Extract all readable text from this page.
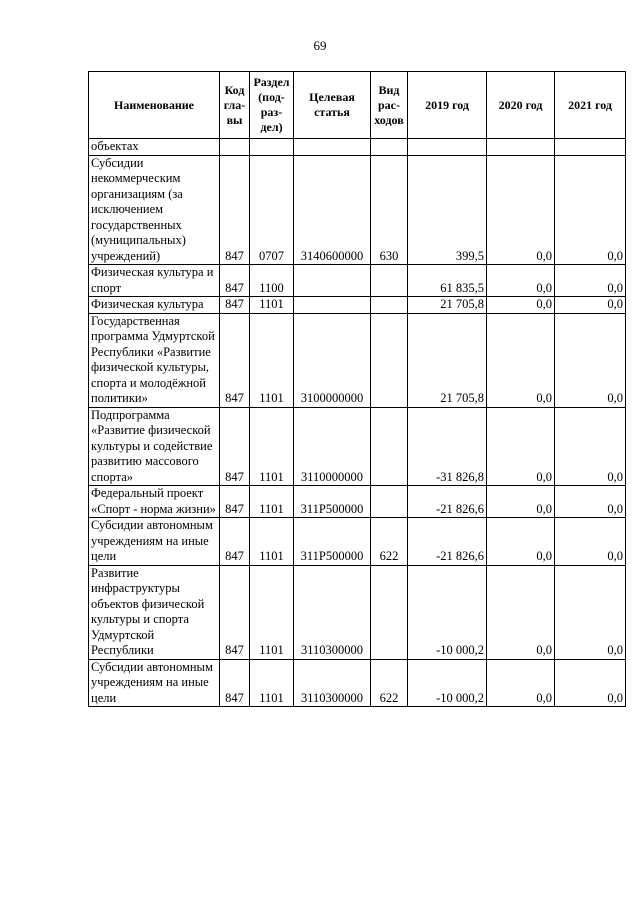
69
Наименование	Код гла- вы	Раздел (под- раз- дел)	Целевая статья	Вид рас- ходов	2019 год	2020 год	2021 год
объектах							
Субсидии некоммерческим организациям (за исключением государственных (муниципальных) учреждений)	847	0707	3140600000	630	399,5	0,0	0,0
Физическая культура и спорт	847	1100			61 835,5	0,0	0,0
Физическая культура	847	1101			21 705,8	0,0	0,0
Государственная программа Удмуртской Республики «Развитие физической культуры, спорта и молодёжной политики»	847	1101	3100000000		21 705,8	0,0	0,0
Подпрограмма «Развитие физической культуры и содействие развитию массового спорта»	847	1101	3110000000		-31 826,8	0,0	0,0
Федеральный проект «Спорт - норма жизни»	847	1101	311P500000		-21 826,6	0,0	0,0
Субсидии автономным учреждениям на иные цели	847	1101	311P500000	622	-21 826,6	0,0	0,0
Развитие инфраструктуры объектов физической культуры и спорта Удмуртской Республики	847	1101	3110300000		-10 000,2	0,0	0,0
Субсидии автономным учреждениям на иные цели	847	1101	3110300000	622	-10 000,2	0,0	0,0
